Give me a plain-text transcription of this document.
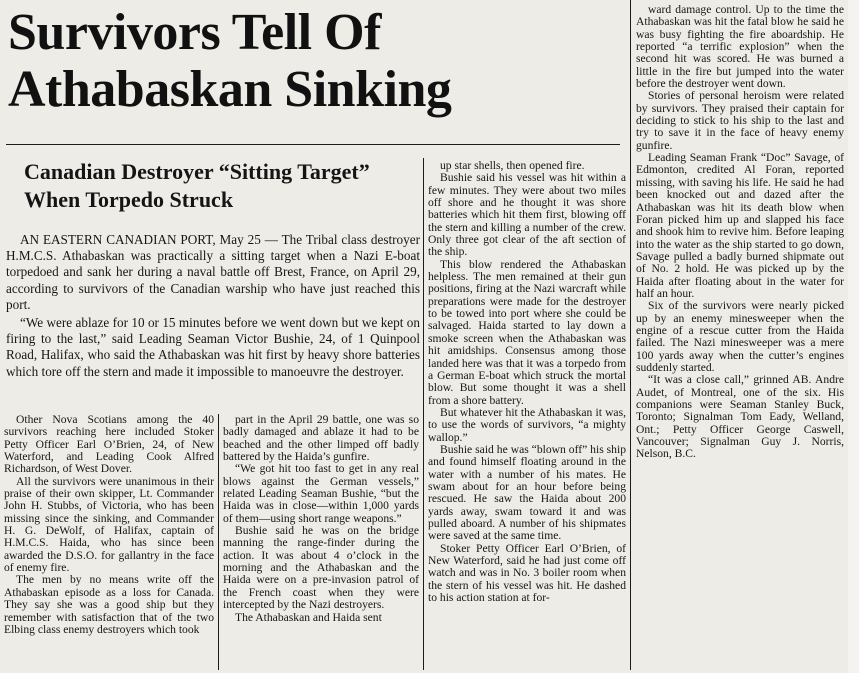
Survivors Tell Of Athabaskan Sinking
Canadian Destroyer “Sitting Target” When Torpedo Struck

AN EASTERN CANADIAN PORT, May 25 — The Tribal class destroyer H.M.C.S. Athabaskan was practically a sitting target when a Nazi E-boat torpedoed and sank her during a naval battle off Brest, France, on April 29, according to survivors of the Canadian warship who have just reached this port.

“We were ablaze for 10 or 15 minutes before we went down but we kept on firing to the last,” said Leading Seaman Victor Bushie, 24, of 1 Quinpool Road, Halifax, who said the Athabaskan was hit first by heavy shore batteries which tore off the stern and made it impossible to manoeuvre the destroyer.

Other Nova Scotians among the 40 survivors reaching here included Stoker Petty Officer Earl O’Brien, 24, of New Waterford, and Leading Cook Alfred Richardson, of West Dover.

All the survivors were unanimous in their praise of their own skipper, Lt. Commander John H. Stubbs, of Victoria, who has been missing since the sinking, and Commander H. G. DeWolf, of Halifax, captain of H.M.C.S. Haida, who has since been awarded the D.S.O. for gallantry in the face of enemy fire.

The men by no means write off the Athabaskan episode as a loss for Canada. They say she was a good ship but they remember with satisfaction that of the two Elbing class enemy destroyers which took

part in the April 29 battle, one was so badly damaged and ablaze it had to be beached and the other limped off badly battered by the Haida’s gunfire.

“We got hit too fast to get in any real blows against the German vessels,” related Leading Seaman Bushie, “but the Haida was in close—within 1,000 yards of them—using short range weapons.”

Bushie said he was on the bridge manning the range-finder during the action. It was about 4 o’clock in the morning and the Athabaskan and the Haida were on a pre-invasion patrol of the French coast when they were intercepted by the Nazi destroyers.

The Athabaskan and Haida sent

up star shells, then opened fire.

Bushie said his vessel was hit within a few minutes. They were about two miles off shore and he thought it was shore batteries which hit them first, blowing off the stern and killing a number of the crew. Only three got clear of the aft section of the ship.

This blow rendered the Athabaskan helpless. The men remained at their gun positions, firing at the Nazi warcraft while preparations were made for the destroyer to be towed into port where she could be salvaged. Haida started to lay down a smoke screen when the Athabaskan was hit amidships. Consensus among those landed here was that it was a torpedo from a German E-boat which struck the mortal blow. But some thought it was a shell from a shore battery.

But whatever hit the Athabaskan it was, to use the words of survivors, “a mighty wallop.”

Bushie said he was “blown off” his ship and found himself floating around in the water with a number of his mates. He swam about for an hour before being rescued. He saw the Haida about 200 yards away, swam toward it and was pulled aboard. A number of his shipmates were saved at the same time.

Stoker Petty Officer Earl O’Brien, of New Waterford, said he had just come off watch and was in No. 3 boiler room when the stern of his vessel was hit. He dashed to his action station at for-

ward damage control. Up to the time the Athabaskan was hit the fatal blow he said he was busy fighting the fire aboardship. He reported “a terrific explosion” when the second hit was scored. He was burned a little in the fire but jumped into the water before the destroyer went down.

Stories of personal heroism were related by survivors. They praised their captain for deciding to stick to his ship to the last and try to save it in the face of heavy enemy gunfire.

Leading Seaman Frank “Doc” Savage, of Edmonton, credited Al Foran, reported missing, with saving his life. He said he had been knocked out and dazed after the Athabaskan was hit its death blow when Foran picked him up and slapped his face and shook him to revive him. Before leaping into the water as the ship started to go down, Savage pulled a badly burned shipmate out of No. 2 hold. He was picked up by the Haida after floating about in the water for half an hour.

Six of the survivors were nearly picked up by an enemy minesweeper when the engine of a rescue cutter from the Haida failed. The Nazi minesweeper was a mere 100 yards away when the cutter’s engines suddenly started.

“It was a close call,” grinned AB. Andre Audet, of Montreal, one of the six. His companions were Seaman Stanley Buck, Toronto; Signalman Tom Eady, Welland, Ont.; Petty Officer George Caswell, Vancouver; Signalman Guy J. Norris, Nelson, B.C.
